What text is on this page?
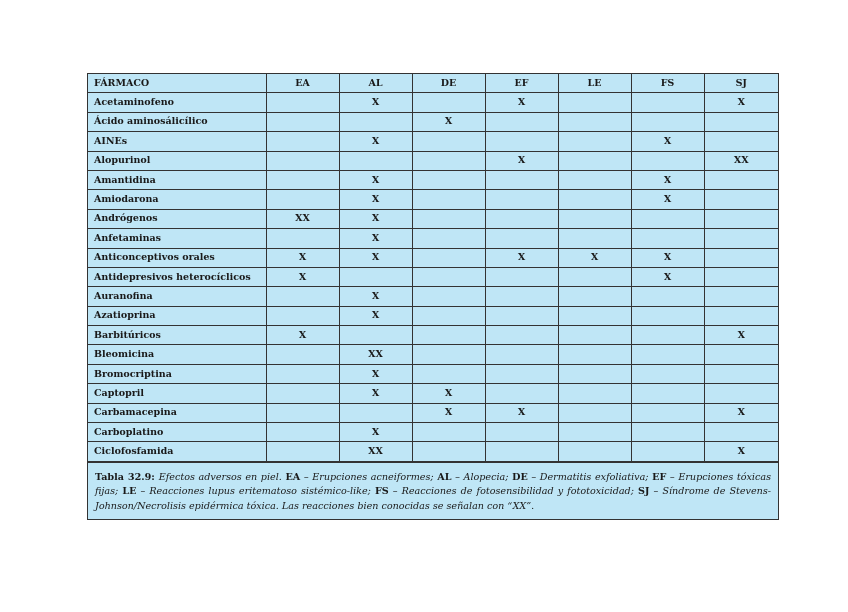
FÁRMACO	EA	AL	DE	EF	LE	FS	SJ
Acetaminofeno		X		X			X
Ácido aminosálicílico			X				
AINEs		X				X	
Alopurinol				X			XX
Amantidina		X				X	
Amiodarona		X				X	
Andrógenos	XX	X					
Anfetaminas		X					
Anticonceptivos orales	X	X		X	X	X	
Antidepresivos heterocíclicos	X					X	
Auranofina		X					
Azatioprina		X					
Barbitúricos	X						X
Bleomicina		XX					
Bromocriptina		X					
Captopril		X	X				
Carbamacepina			X	X			X
Carboplatino		X					
Ciclofosfamida		XX					X
Tabla 32.9: Efectos adversos en piel. EA – Erupciones acneiformes; AL – Alopecia; DE – Dermatitis exfoliativa; EF – Erupciones tóxicas fijas; LE – Reacciones lupus eritematoso sistémico-like; FS – Reacciones de fotosensibilidad y fototoxicidad; SJ – Síndrome de Stevens-Johnson/Necrolisis epidérmica tóxica. Las reacciones bien conocidas se señalan con “XX”.
